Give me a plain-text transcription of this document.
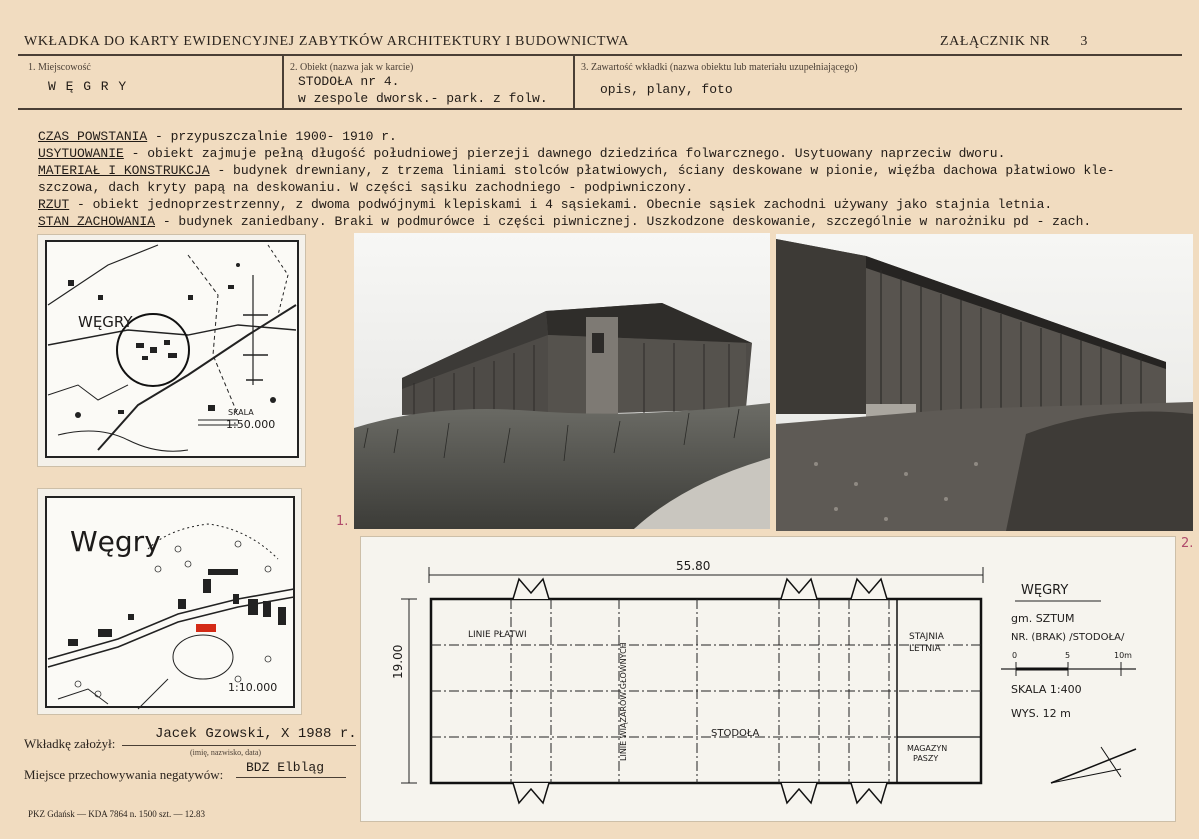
WKŁADKA DO KARTY EWIDENCYJNEJ ZABYTKÓW ARCHITEKTURY I BUDOWNICTWA	ZAŁĄCZNIK NR 3
1. Miejscowość
W Ę G R Y
2. Obiekt (nazwa jak w karcie)
STODOŁA nr 4.
w zespole dworsk.- park. z folw.
3. Zawartość wkładki (nazwa obiektu lub materiału uzupełniającego)
opis, plany, foto
CZAS POWSTANIA - przypuszczalnie 1900- 1910 r.
USYTUOWANIE - obiekt zajmuje pełną długość południowej pierzeji dawnego dziedzińca folwarcznego. Usytuowany naprzeciw dworu.
MATERIAŁ I KONSTRUKCJA - budynek drewniany, z trzema liniami stolców płatwiowych, ściany deskowane w pionie, więźba dachowa płatwiowo kle-
szczowa, dach kryty papą na deskowaniu. W części sąsiku zachodniego - podpiwniczony.
RZUT - obiekt jednoprzestrzenny, z dwoma podwójnymi klepiskami i 4 sąsiekami. Obecnie sąsiek zachodni używany jako stajnia letnia.
STAN ZACHOWANIA - budynek zaniedbany. Braki w podmurówce i części piwnicznej. Uszkodzone deskowanie, szczególnie w narożniku pd - zach.
WĘGRY
SKALA
1:50.000
Węgry
1:10.000
1.
2.
55.80
19.00
LINIE PŁATWI
LINIE WIĄZARÓW GŁÓWNYCH
STAJNIA
LETNIA
STODOŁA
MAGAZYN
PASZY
WĘGRY
gm. SZTUM
NR. (BRAK) /STODOŁA/
0	5	10m
SKALA 1:400
WYS. 12 m
Wkładkę założył:
Jacek Gzowski, X 1988 r.
(imię, nazwisko, data)
Miejsce przechowywania negatywów: BDZ Elbląg
PKZ Gdańsk — KDA 7864 n. 1500 szt. — 12.83
